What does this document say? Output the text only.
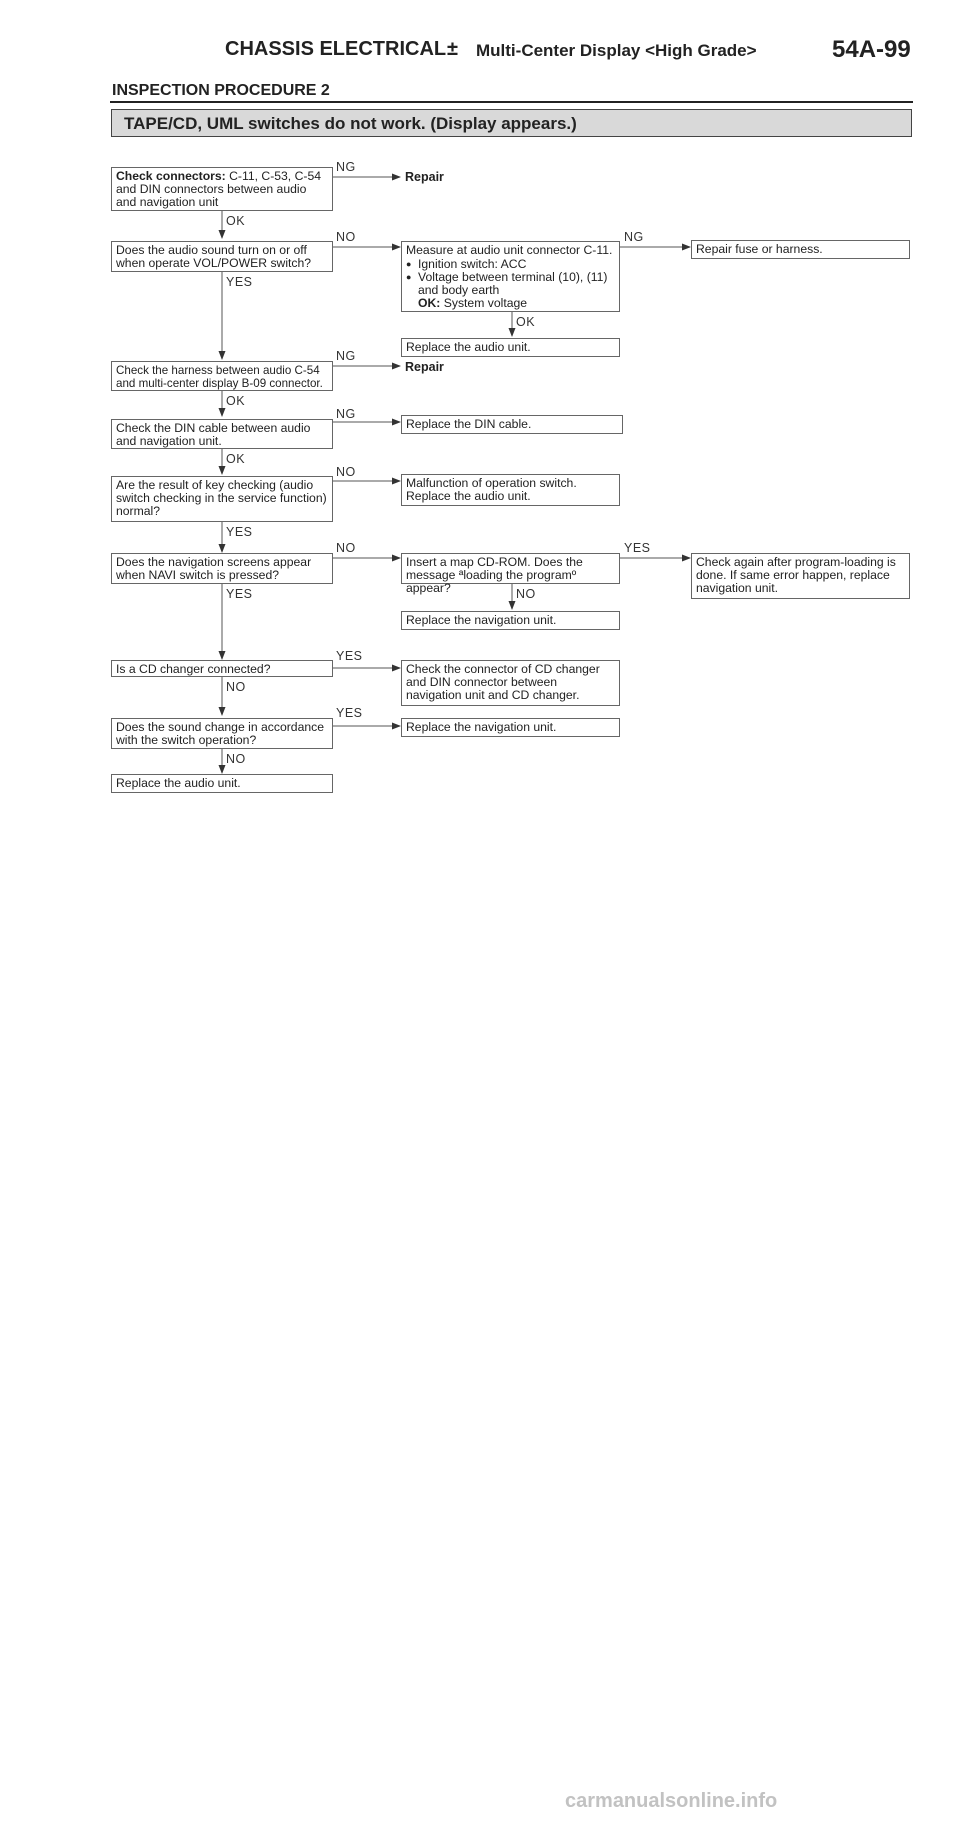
CHASSIS ELECTRICAL ± Multi-Center Display <High Grade>	54A-99
INSPECTION PROCEDURE 2
TAPE/CD, UML switches do not work. (Display appears.)
Check connectors: C-11, C-53, C-54 and DIN connectors between audio and navigation unit
NG
Repair
OK
Does the audio sound turn on or off when operate VOL/POWER switch?
NO
YES
Measure at audio unit connector C-11.
● Ignition switch: ACC
● Voltage between terminal (10), (11)
and body earth
OK: System voltage
NG
Repair fuse or harness.
OK
Replace the audio unit.
Check the harness between audio C-54 and multi-center display B-09 connector.
NG
Repair
OK
Check the DIN cable between audio and navigation unit.
NG
Replace the DIN cable.
OK
Are the result of key checking (audio switch checking in the service function) normal?
NO
Malfunction of operation switch. Replace the audio unit.
YES
Does the navigation screens appear when NAVI switch is pressed?
NO
YES
Insert a map CD-ROM. Does the message ªloading the programº appear?
YES
Check again after program-loading is done. If same error happen, replace navigation unit.
NO
Replace the navigation unit.
Is a CD changer connected?
YES
Check the connector of CD changer and DIN connector between navigation unit and CD changer.
NO
Does the sound change in accordance with the switch operation?
YES
Replace the navigation unit.
NO
Replace the audio unit.
carmanualsonline.info
